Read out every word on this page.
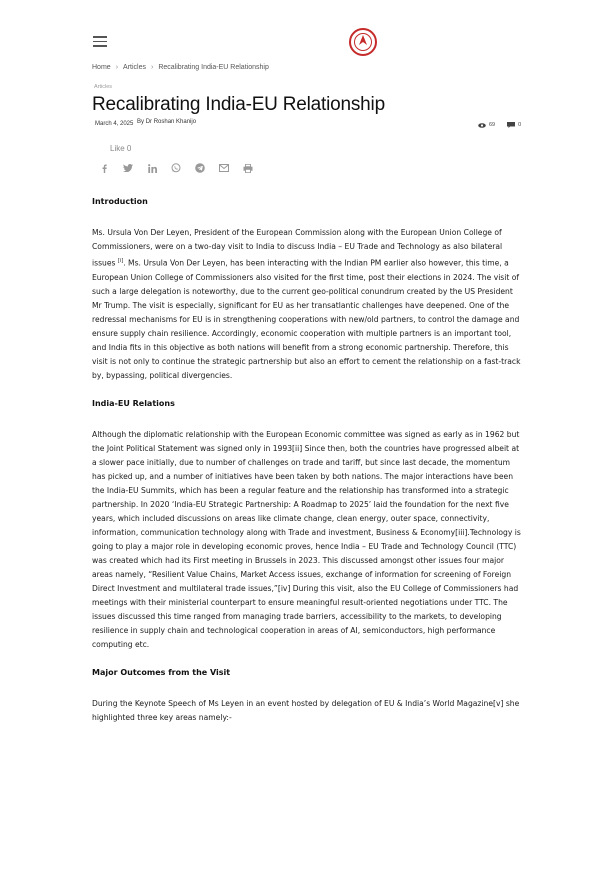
Home › Articles › Recalibrating India-EU Relationship
Articles
Recalibrating India-EU Relationship
March 4, 2025 By Dr Roshan Khanijo	69	0
Like 0
Introduction

Ms. Ursula Von Der Leyen, President of the European Commission along with the European Union College of Commissioners, were on a two-day visit to India to discuss India – EU Trade and Technology as also bilateral issues [i]. Ms. Ursula Von Der Leyen, has been interacting with the Indian PM earlier also however, this time, a European Union College of Commissioners also visited for the first time, post their elections in 2024. The visit of such a large delegation is noteworthy, due to the current geo-political conundrum created by the US President Mr Trump. The visit is especially, significant for EU as her transatlantic challenges have deepened. One of the redressal mechanisms for EU is in strengthening cooperations with new/old partners, to control the damage and ensure supply chain resilience. Accordingly, economic cooperation with multiple partners is an important tool, and India fits in this objective as both nations will benefit from a strong economic partnership. Therefore, this visit is not only to continue the strategic partnership but also an effort to cement the relationship on a fast-track by, bypassing, political divergencies.

India-EU Relations

Although the diplomatic relationship with the European Economic committee was signed as early as in 1962 but the Joint Political Statement was signed only in 1993[ii] Since then, both the countries have progressed albeit at a slower pace initially, due to number of challenges on trade and tariff, but since last decade, the momentum has picked up, and a number of initiatives have been taken by both nations. The major interactions have been the India-EU Summits, which has been a regular feature and the relationship has transformed into a strategic partnership. In 2020 ‘India-EU Strategic Partnership: A Roadmap to 2025’ laid the foundation for the next five years, which included discussions on areas like climate change, clean energy, outer space, connectivity, information, communication technology along with Trade and investment, Business & Economy[iii].Technology is going to play a major role in developing economic proves, hence India – EU Trade and Technology Council (TTC) was created which had its First meeting in Brussels in 2023. This discussed amongst other issues four major areas namely, “Resilient Value Chains, Market Access issues, exchange of information for screening of Foreign Direct Investment and multilateral trade issues,”[iv] During this visit, also the EU College of Commissioners had meetings with their ministerial counterpart to ensure meaningful result-oriented negotiations under TTC. The issues discussed this time ranged from managing trade barriers, accessibility to the markets, to developing resilience in supply chain and technological cooperation in areas of AI, semiconductors, high performance computing etc.

Major Outcomes from the Visit

During the Keynote Speech of Ms Leyen in an event hosted by delegation of EU & India’s World Magazine[v] she highlighted three key areas namely:-
